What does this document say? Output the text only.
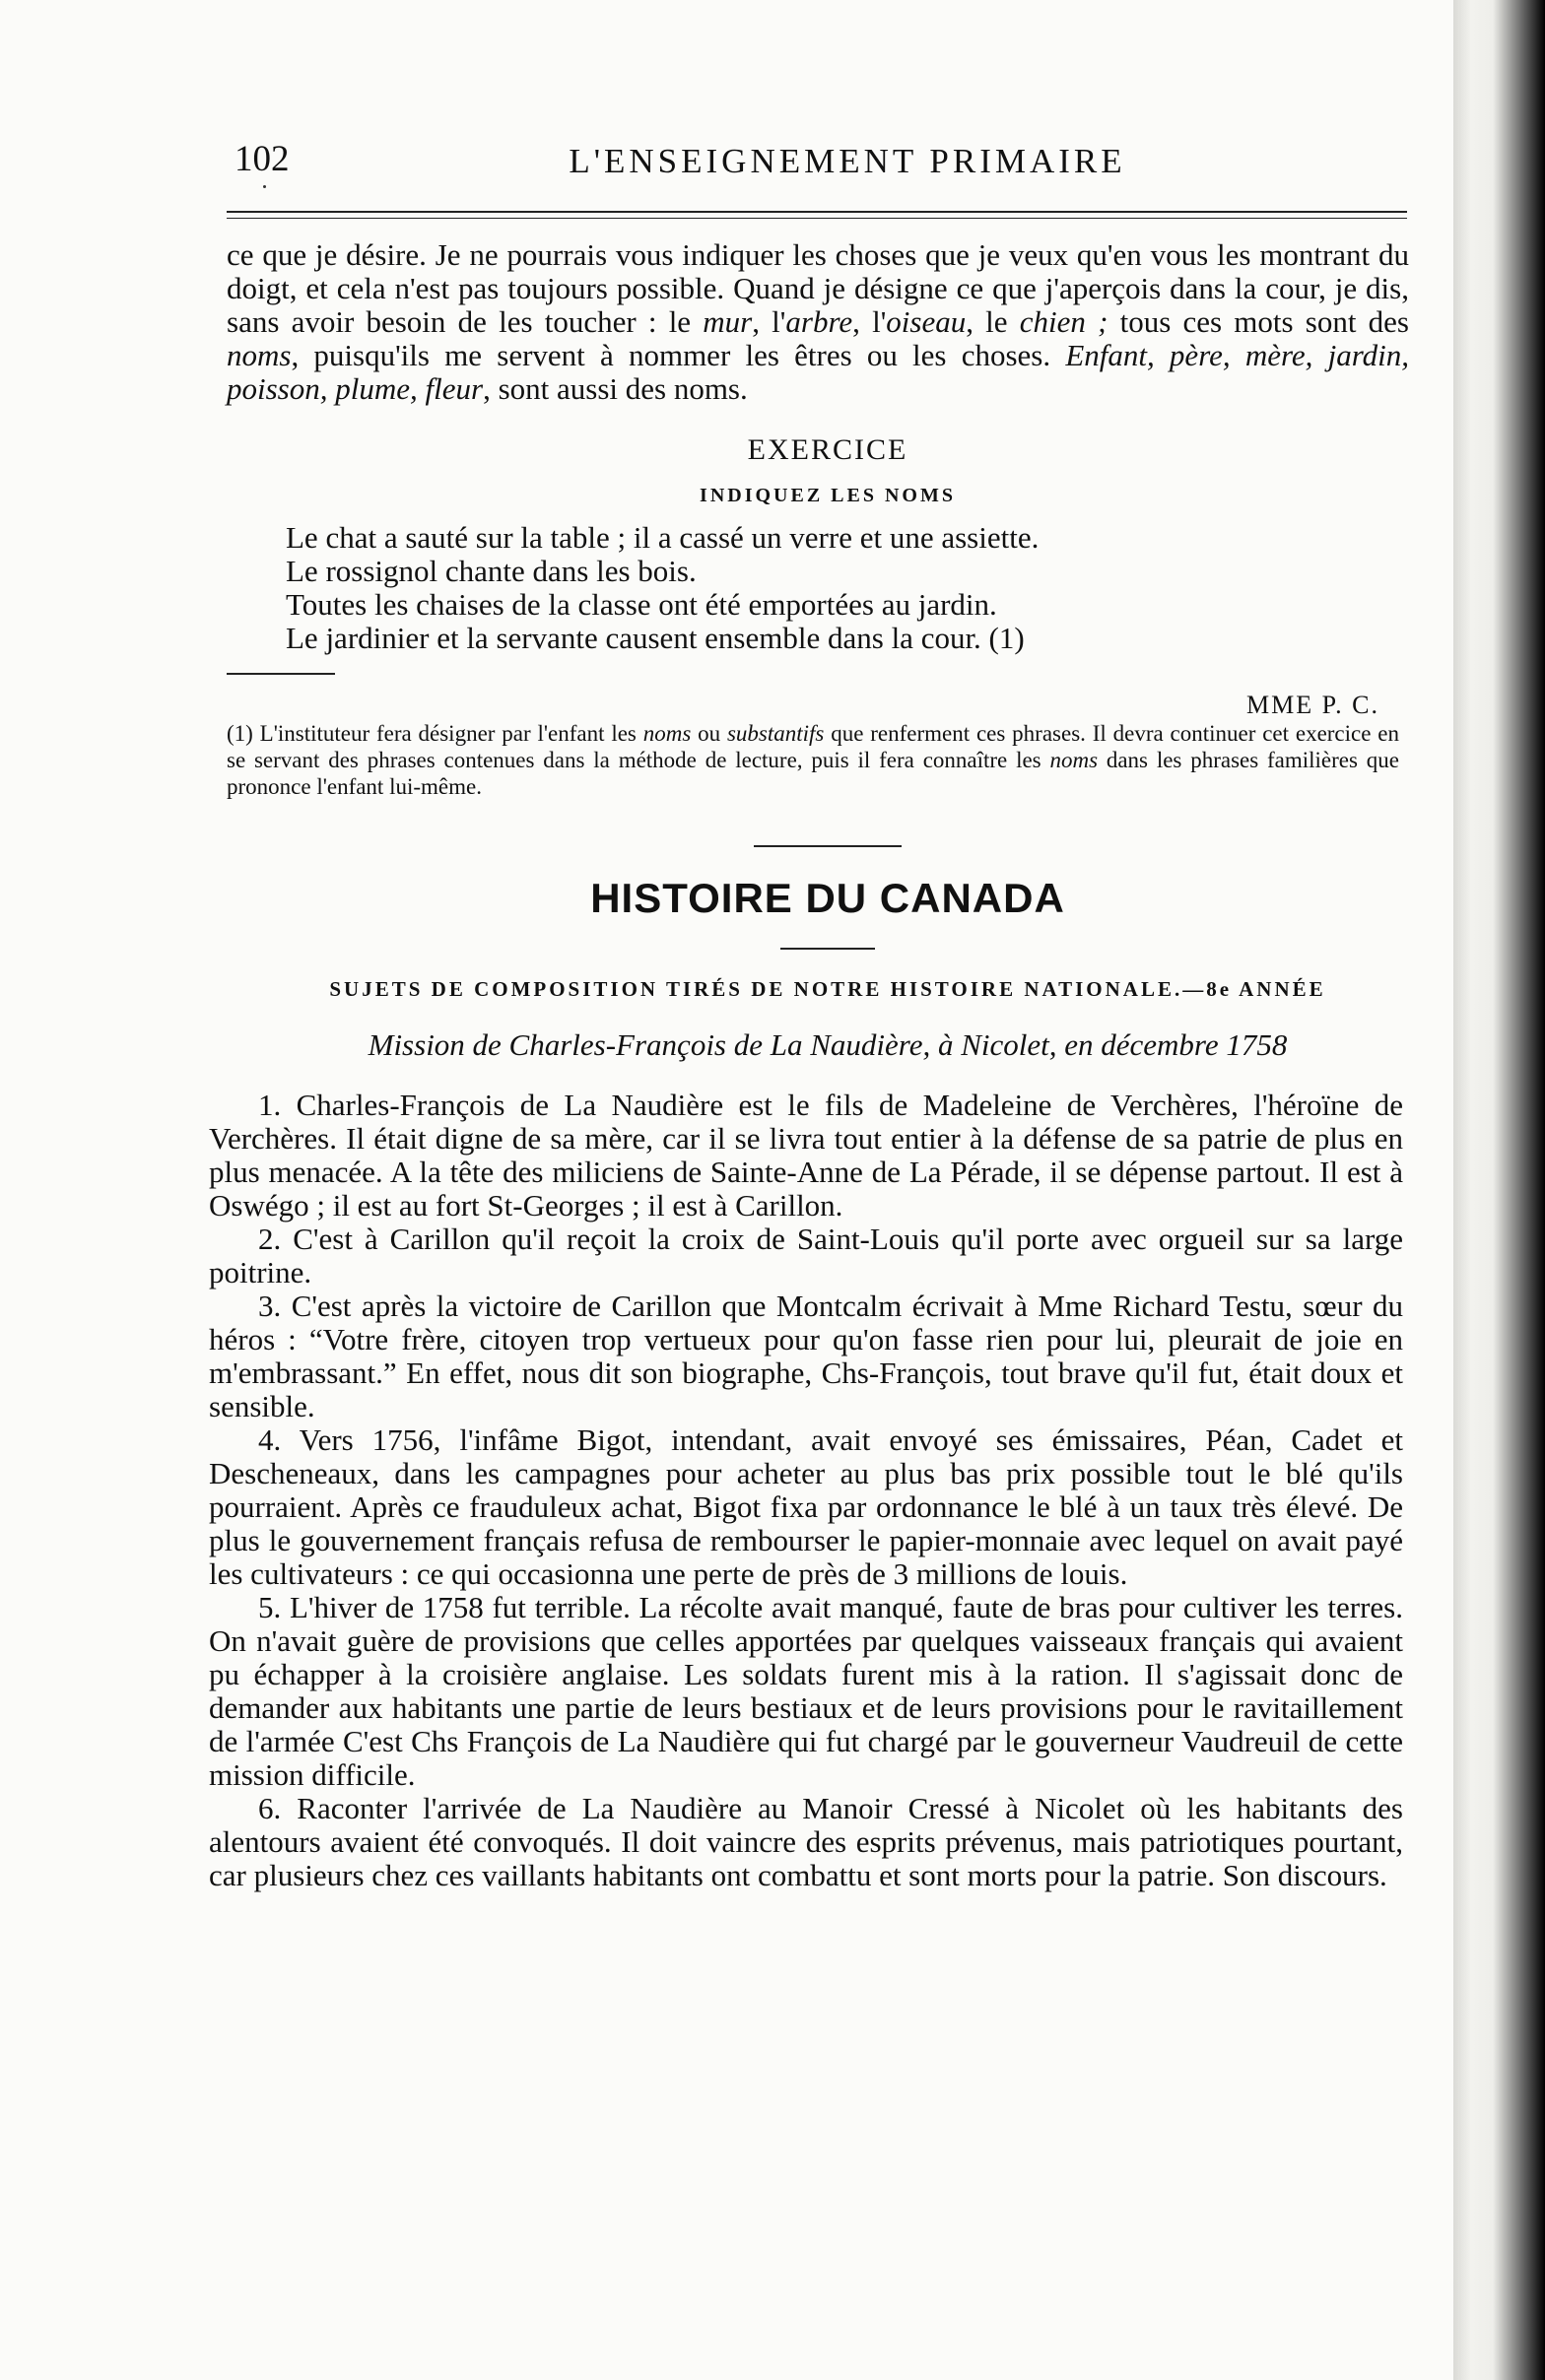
102	L'ENSEIGNEMENT PRIMAIRE

ce que je désire. Je ne pourrais vous indiquer les choses que je veux qu'en vous les montrant du doigt, et cela n'est pas toujours possible. Quand je désigne ce que j'aperçois dans la cour, je dis, sans avoir besoin de les toucher : le mur, l'arbre, l'oiseau, le chien ; tous ces mots sont des noms, puisqu'ils me servent à nommer les êtres ou les choses. Enfant, père, mère, jardin, poisson, plume, fleur, sont aussi des noms.

EXERCICE
INDIQUEZ LES NOMS
Le chat a sauté sur la table ; il a cassé un verre et une assiette.
Le rossignol chante dans les bois.
Toutes les chaises de la classe ont été emportées au jardin.
Le jardinier et la servante causent ensemble dans la cour. (1)
MME P. C.

(1) L'instituteur fera désigner par l'enfant les noms ou substantifs que renferment ces phrases. Il devra continuer cet exercice en se servant des phrases contenues dans la méthode de lecture, puis il fera connaître les noms dans les phrases familières que prononce l'enfant lui-même.

HISTOIRE DU CANADA
SUJETS DE COMPOSITION TIRÉS DE NOTRE HISTOIRE NATIONALE.—8e ANNÉE
Mission de Charles-François de La Naudière, à Nicolet, en décembre 1758

1. Charles-François de La Naudière est le fils de Madeleine de Verchères, l'héroïne de Verchères. Il était digne de sa mère, car il se livra tout entier à la défense de sa patrie de plus en plus menacée. A la tête des miliciens de Sainte-Anne de La Pérade, il se dépense partout. Il est à Oswégo ; il est au fort St-Georges ; il est à Carillon.

2. C'est à Carillon qu'il reçoit la croix de Saint-Louis qu'il porte avec orgueil sur sa large poitrine.

3. C'est après la victoire de Carillon que Montcalm écrivait à Mme Richard Testu, sœur du héros : “Votre frère, citoyen trop vertueux pour qu'on fasse rien pour lui, pleurait de joie en m'embrassant.” En effet, nous dit son biographe, Chs-François, tout brave qu'il fut, était doux et sensible.

4. Vers 1756, l'infâme Bigot, intendant, avait envoyé ses émissaires, Péan, Cadet et Descheneaux, dans les campagnes pour acheter au plus bas prix possible tout le blé qu'ils pourraient. Après ce frauduleux achat, Bigot fixa par ordonnance le blé à un taux très élevé. De plus le gouvernement français refusa de rembourser le papier-monnaie avec lequel on avait payé les cultivateurs : ce qui occasionna une perte de près de 3 millions de louis.

5. L'hiver de 1758 fut terrible. La récolte avait manqué, faute de bras pour cultiver les terres. On n'avait guère de provisions que celles apportées par quelques vaisseaux français qui avaient pu échapper à la croisière anglaise. Les soldats furent mis à la ration. Il s'agissait donc de demander aux habitants une partie de leurs bestiaux et de leurs provisions pour le ravitaillement de l'armée C'est Chs François de La Naudière qui fut chargé par le gouverneur Vaudreuil de cette mission difficile.

6. Raconter l'arrivée de La Naudière au Manoir Cressé à Nicolet où les habitants des alentours avaient été convoqués. Il doit vaincre des esprits prévenus, mais patriotiques pourtant, car plusieurs chez ces vaillants habitants ont combattu et sont morts pour la patrie. Son discours.
